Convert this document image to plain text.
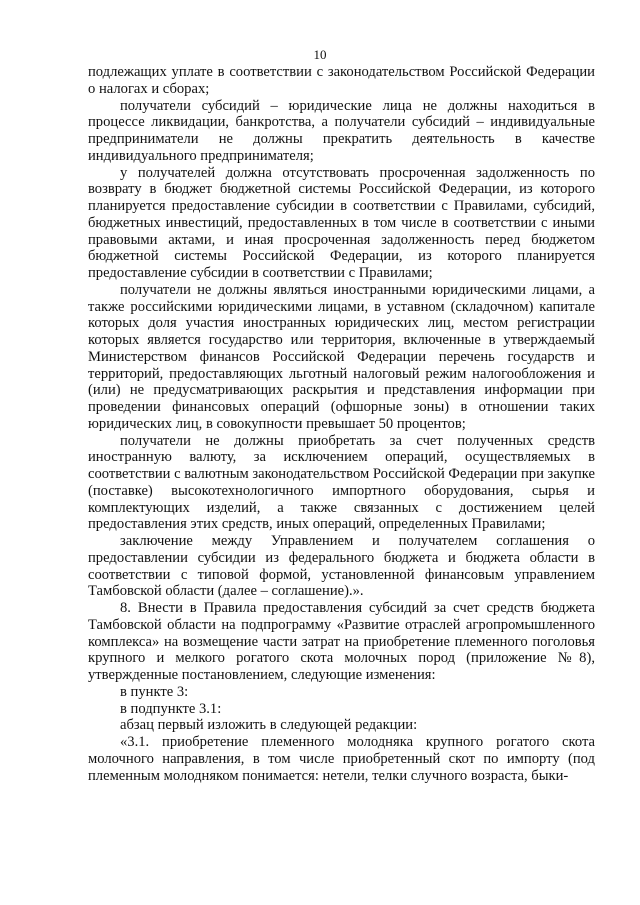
10

подлежащих уплате в соответствии с законодательством Российской Федерации о налогах и сборах;

получатели субсидий – юридические лица не должны находиться в процессе ликвидации, банкротства, а получатели субсидий – индивидуальные предприниматели не должны прекратить деятельность в качестве индивидуального предпринимателя;

у получателей должна отсутствовать просроченная задолженность по возврату в бюджет бюджетной системы Российской Федерации, из которого планируется предоставление субсидии в соответствии с Правилами, субсидий, бюджетных инвестиций, предоставленных в том числе в соответствии с иными правовыми актами, и иная просроченная задолженность перед бюджетом бюджетной системы Российской Федерации, из которого планируется предоставление субсидии в соответствии с Правилами;

получатели не должны являться иностранными юридическими лицами, а также российскими юридическими лицами, в уставном (складочном) капитале которых доля участия иностранных юридических лиц, местом регистрации которых является государство или территория, включенные в утверждаемый Министерством финансов Российской Федерации перечень государств и территорий, предоставляющих льготный налоговый режим налогообложения и (или) не предусматривающих раскрытия и представления информации при проведении финансовых операций (офшорные зоны) в отношении таких юридических лиц, в совокупности превышает 50 процентов;

получатели не должны приобретать за счет полученных средств иностранную валюту, за исключением операций, осуществляемых в соответствии с валютным законодательством Российской Федерации при закупке (поставке) высокотехнологичного импортного оборудования, сырья и комплектующих изделий, а также связанных с достижением целей предоставления этих средств, иных операций, определенных Правилами;

заключение между Управлением и получателем соглашения о предоставлении субсидии из федерального бюджета и бюджета области в соответствии с типовой формой, установленной финансовым управлением Тамбовской области (далее – соглашение).».

8. Внести в Правила предоставления субсидий за счет средств бюджета Тамбовской области на подпрограмму «Развитие отраслей агропромышленного комплекса» на возмещение части затрат на приобретение племенного поголовья крупного и мелкого рогатого скота молочных пород (приложение №8), утвержденные постановлением, следующие изменения:

в пункте 3:

в подпункте 3.1:

абзац первый изложить в следующей редакции:

«3.1. приобретение племенного молодняка крупного рогатого скота молочного направления, в том числе приобретенный скот по импорту (под племенным молодняком понимается: нетели, телки случного возраста, быки-
